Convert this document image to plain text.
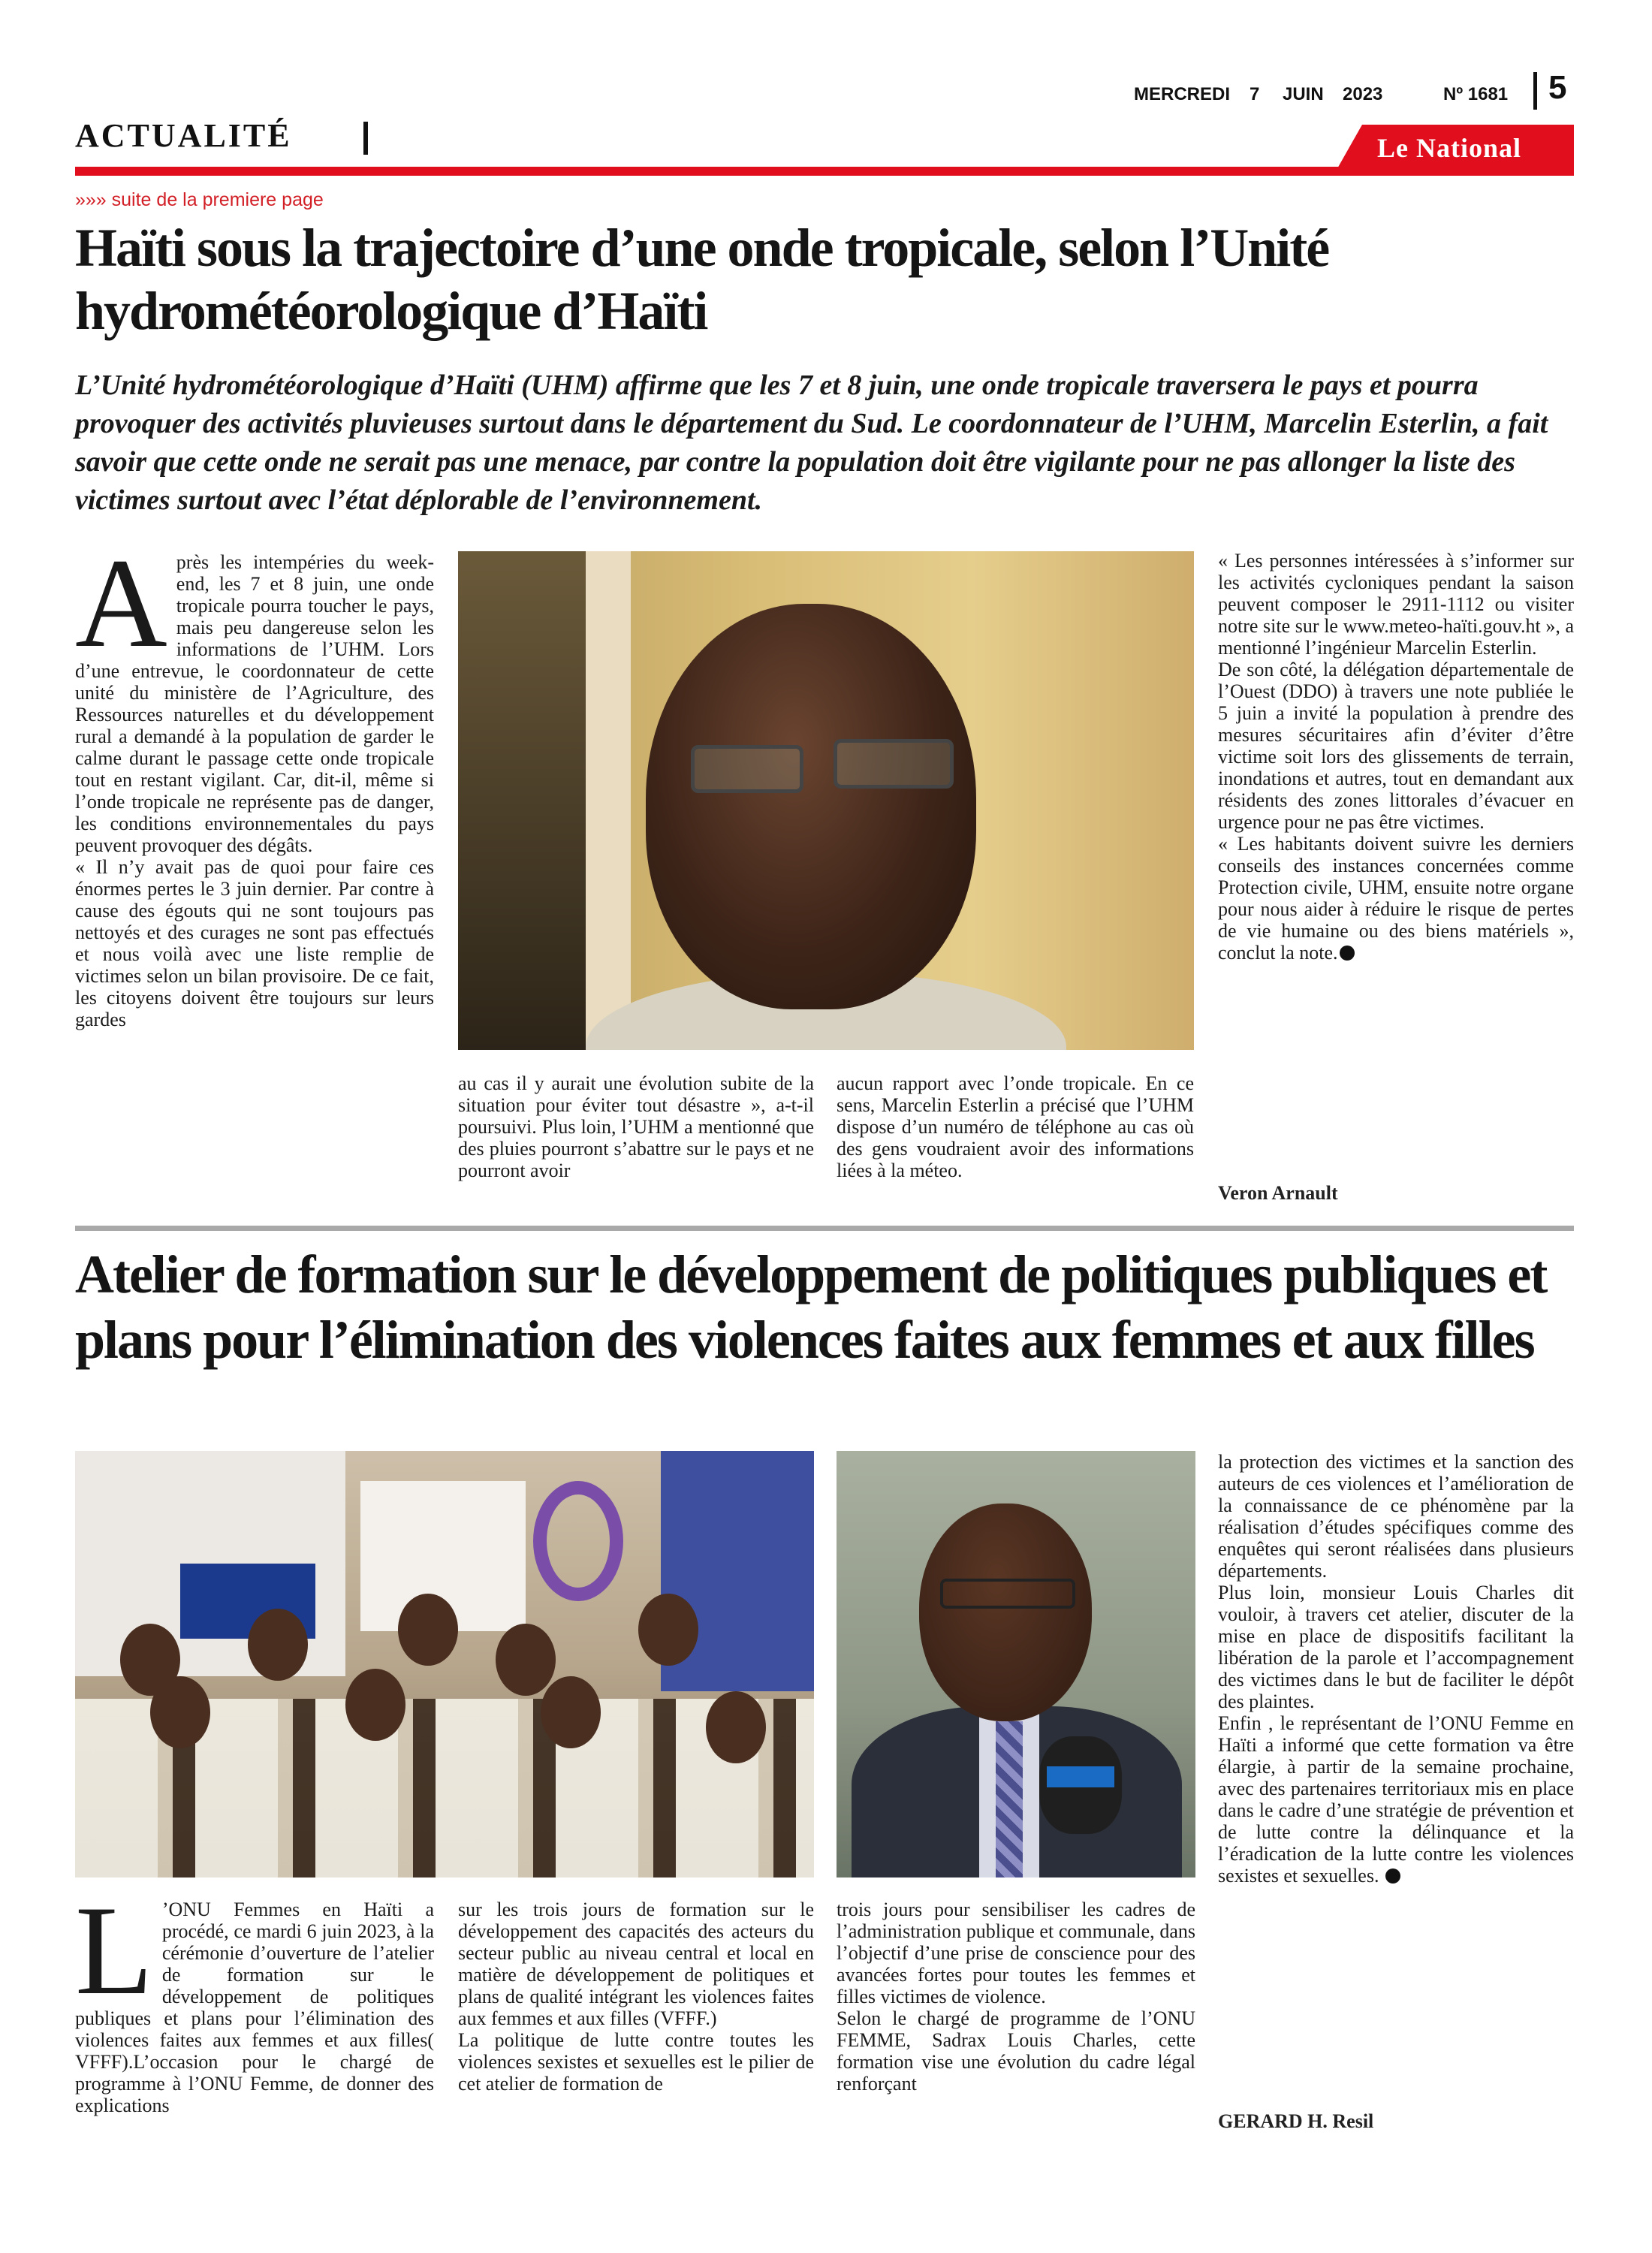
MERCREDI 7 JUIN 2023	Nº 1681 5
ACTUALITÉ	Le National
»»» suite de la premiere page
Haïti sous la trajectoire d’une onde tropicale, selon l’Unité hydrométéorologique d’Haïti
L’Unité hydrométéorologique d’Haïti (UHM) affirme que les 7 et 8 juin, une onde tropicale traversera le pays et pourra provoquer des activités pluvieuses surtout dans le département du Sud. Le coordonnateur de l’UHM, Marcelin Esterlin, a fait savoir que cette onde ne serait pas une menace, par contre la population doit être vigilante pour ne pas allonger la liste des victimes surtout avec l’état déplorable de l’environnement.

Après les intempéries du week-end, les 7 et 8 juin, une onde tropicale pourra toucher le pays, mais peu dangereuse selon les informations de l’UHM. Lors d’une entrevue, le coordonnateur de cette unité du ministère de l’Agriculture, des Ressources naturelles et du développement rural a demandé à la population de garder le calme durant le passage cette onde tropicale tout en restant vigilant. Car, dit-il, même si l’onde tropicale ne représente pas de danger, les conditions environnementales du pays peuvent provoquer des dégâts.

« Il n’y avait pas de quoi pour faire ces énormes pertes le 3 juin dernier. Par contre à cause des égouts qui ne sont toujours pas nettoyés et des curages ne sont pas effectués et nous voilà avec une liste remplie de victimes selon un bilan provisoire. De ce fait, les citoyens doivent être toujours sur leurs gardes

au cas il y aurait une évolution subite de la situation pour éviter tout désastre », a-t-il poursuivi. Plus loin, l’UHM a mentionné que des pluies pourront s’abattre sur le pays et ne pourront avoir

aucun rapport avec l’onde tropicale. En ce sens, Marcelin Esterlin a précisé que l’UHM dispose d’un numéro de téléphone au cas où des gens voudraient avoir des informations liées à la méteo.

« Les personnes intéressées à s’informer sur les activités cycloniques pendant la saison peuvent composer le 2911-1112 ou visiter notre site sur le www.meteo-haïti.gouv.ht », a mentionné l’ingénieur Marcelin Esterlin.

De son côté, la délégation départementale de l’Ouest (DDO) à travers une note publiée le 5 juin a invité la population à prendre des mesures sécuritaires afin d’éviter d’être victime soit lors des glissements de terrain, inondations et autres, tout en demandant aux résidents des zones littorales d’évacuer en urgence pour ne pas être victimes.

« Les habitants doivent suivre les derniers conseils des instances concernées comme Protection civile, UHM, ensuite notre organe pour nous aider à réduire le risque de pertes de vie humaine ou des biens matériels », conclut la note.

Veron Arnault
Atelier de formation sur le développement de politiques publiques et plans pour l’élimination des violences faites aux femmes et aux filles

L ’ONU Femmes en Haïti a procédé, ce mardi 6 juin 2023, à la cérémonie d’ouverture de l’atelier de formation sur le développement de politiques publiques et plans pour l’élimination des violences faites aux femmes et aux filles( VFFF).L’occasion pour le chargé de programme à l’ONU Femme, de donner des explications

sur les trois jours de formation sur le développement des capacités des acteurs du secteur public au niveau central et local en matière de développement de politiques et plans de qualité intégrant les violences faites aux femmes et aux filles (VFFF.)

La politique de lutte contre toutes les violences sexistes et sexuelles est le pilier de cet atelier de formation de

trois jours pour sensibiliser les cadres de l’administration publique et communale, dans l’objectif d’une prise de conscience pour des avancées fortes pour toutes les femmes et filles victimes de violence.

Selon le chargé de programme de l’ONU FEMME, Sadrax Louis Charles, cette formation vise une évolution du cadre légal renforçant

la protection des victimes et la sanction des auteurs de ces violences et l’amélioration de la connaissance de ce phénomène par la réalisation d’études spécifiques comme des enquêtes qui seront réalisées dans plusieurs départements.

Plus loin, monsieur Louis Charles dit vouloir, à travers cet atelier, discuter de la mise en place de dispositifs facilitant la libération de la parole et l’accompagnement des victimes dans le but de faciliter le dépôt des plaintes.

Enfin , le représentant de l’ONU Femme en Haïti a informé que cette formation va être élargie, à partir de la semaine prochaine, avec des partenaires territoriaux mis en place dans le cadre d’une stratégie de prévention et de lutte contre la délinquance et la l’éradication de la lutte contre les violences sexistes et sexuelles.

GERARD H. Resil
